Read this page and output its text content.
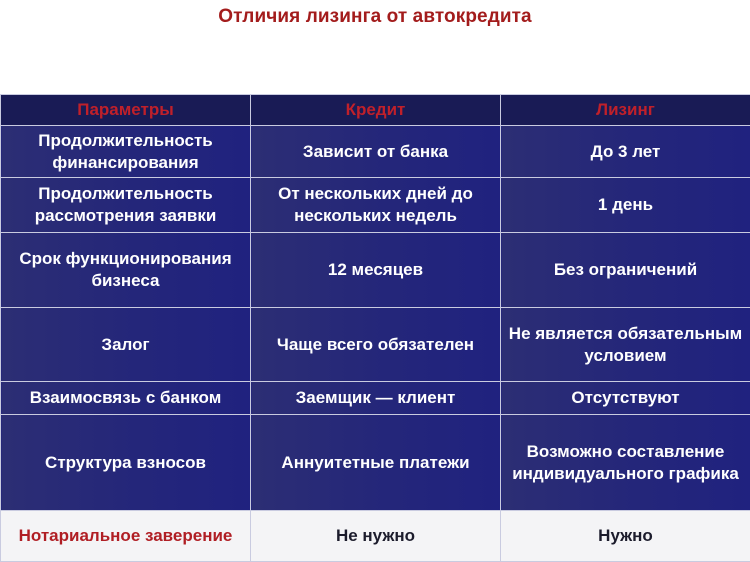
Отличия лизинга от автокредита
Параметры	Кредит	Лизинг
Продолжительность финансирования	Зависит от банка	До 3 лет
Продолжительность рассмотрения заявки	От нескольких дней до нескольких недель	1 день
Срок функционирования бизнеса	12 месяцев	Без ограничений
Залог	Чаще всего обязателен	Не является обязательным условием
Взаимосвязь с банком	Заемщик — клиент	Отсутствуют
Структура взносов	Аннуитетные платежи	Возможно составление индивидуального графика
Нотариальное заверение	Не нужно	Нужно
